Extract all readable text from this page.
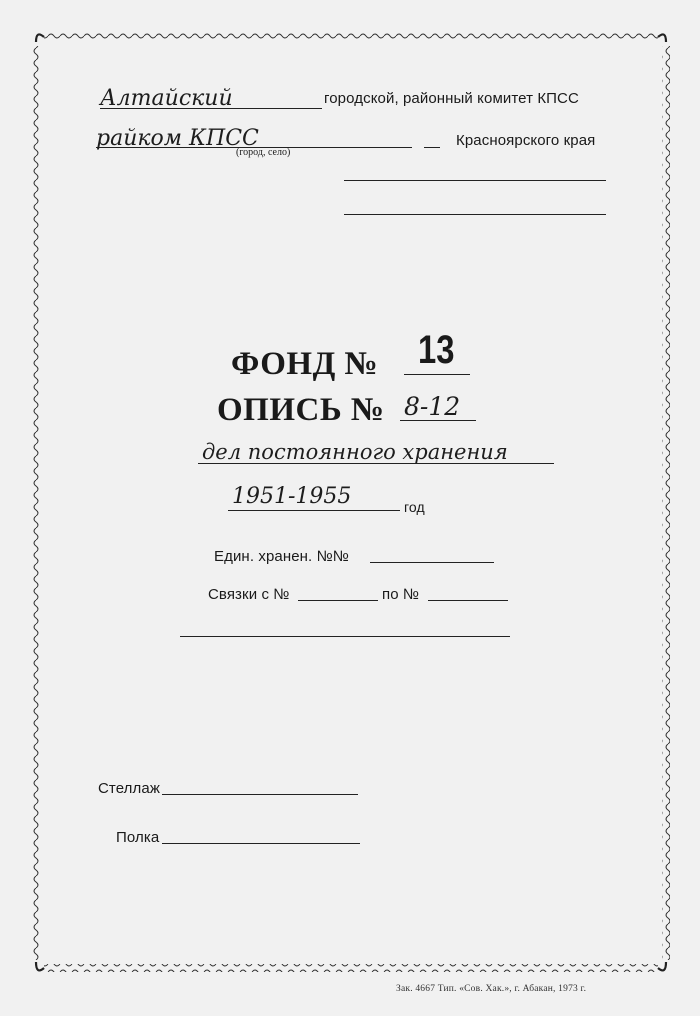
Алтайский	городской, районный комитет КПСС
райком КПСС
(город, село)
Красноярского края
ФОНД № 13
ОПИСЬ № 8-12
дел постоянного хранения
1951-1955	год
Един. хранен. №№
Связки с №	по №
Стеллаж
Полка
Зак. 4667 Тип. «Сов. Хак.», г. Абакан, 1973 г.
